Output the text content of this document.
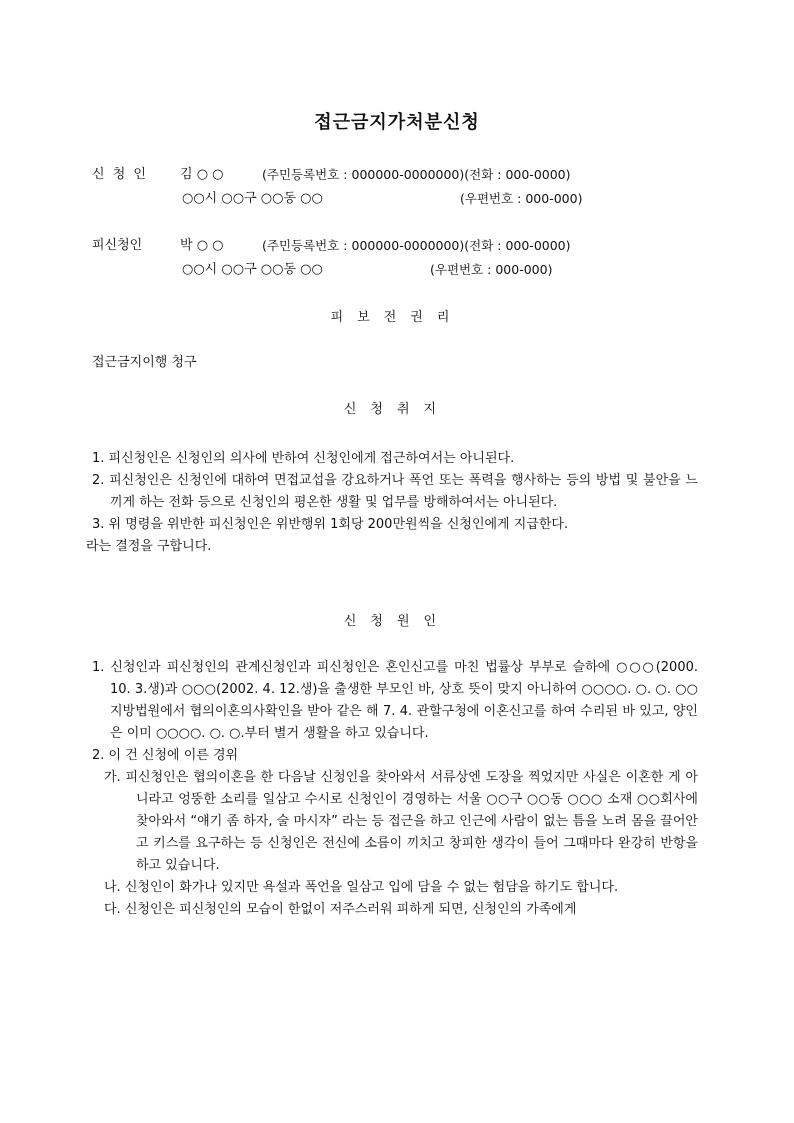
접근금지가처분신청
신 청 인 김 ○ ○	(주민등록번호 : 000000-0000000)(전화 : 000-0000)
○○시 ○○구 ○○동 ○○	(우편번호 : 000-000)
피신청인	박 ○ ○	(주민등록번호 : 000000-0000000)(전화 : 000-0000)
○○시 ○○구 ○○동 ○○	(우편번호 : 000-000)
피보전권리
접근금지이행 청구
신청취지
1. 피신청인은 신청인의 의사에 반하여 신청인에게 접근하여서는 아니된다.
2. 피신청인은 신청인에 대하여 면접교섭을 강요하거나 폭언 또는 폭력을 행사하는 등의 방법 및 불안을 느끼게 하는 전화 등으로 신청인의 평온한 생활 및 업무를 방해하여서는 아니된다.
3. 위 명령을 위반한 피신청인은 위반행위 1회당 200만원씩을 신청인에게 지급한다.
라는 결정을 구합니다.
신청원인
1. 신청인과 피신청인의 관계신청인과 피신청인은 혼인신고를 마친 법률상 부부로 슬하에 ○○○(2000. 10. 3.생)과 ○○○(2002. 4. 12.생)을 출생한 부모인 바, 상호 뜻이 맞지 아니하여 ○○○○. ○. ○. ○○지방법원에서 협의이혼의사확인을 받아 같은 해 7. 4. 관할구청에 이혼신고를 하여 수리된 바 있고, 양인은 이미 ○○○○. ○. ○.부터 별거 생활을 하고 있습니다.
2. 이 건 신청에 이른 경위
가. 피신청인은 협의이혼을 한 다음날 신청인을 찾아와서 서류상엔 도장을 찍었지만 사실은 이혼한 게 아니라고 엉뚱한 소리를 일삼고 수시로 신청인이 경영하는 서울 ○○구 ○○동 ○○○ 소재 ○○회사에 찾아와서 “얘기 좀 하자, 술 마시자” 라는 등 접근을 하고 인근에 사람이 없는 틈을 노려 몸을 끌어안고 키스를 요구하는 등 신청인은 전신에 소름이 끼치고 창피한 생각이 들어 그때마다 완강히 반항을 하고 있습니다.
나. 신청인이 화가나 있지만 욕설과 폭언을 일삼고 입에 담을 수 없는 험담을 하기도 합니다.
다. 신청인은 피신청인의 모습이 한없이 저주스러워 피하게 되면, 신청인의 가족에게
